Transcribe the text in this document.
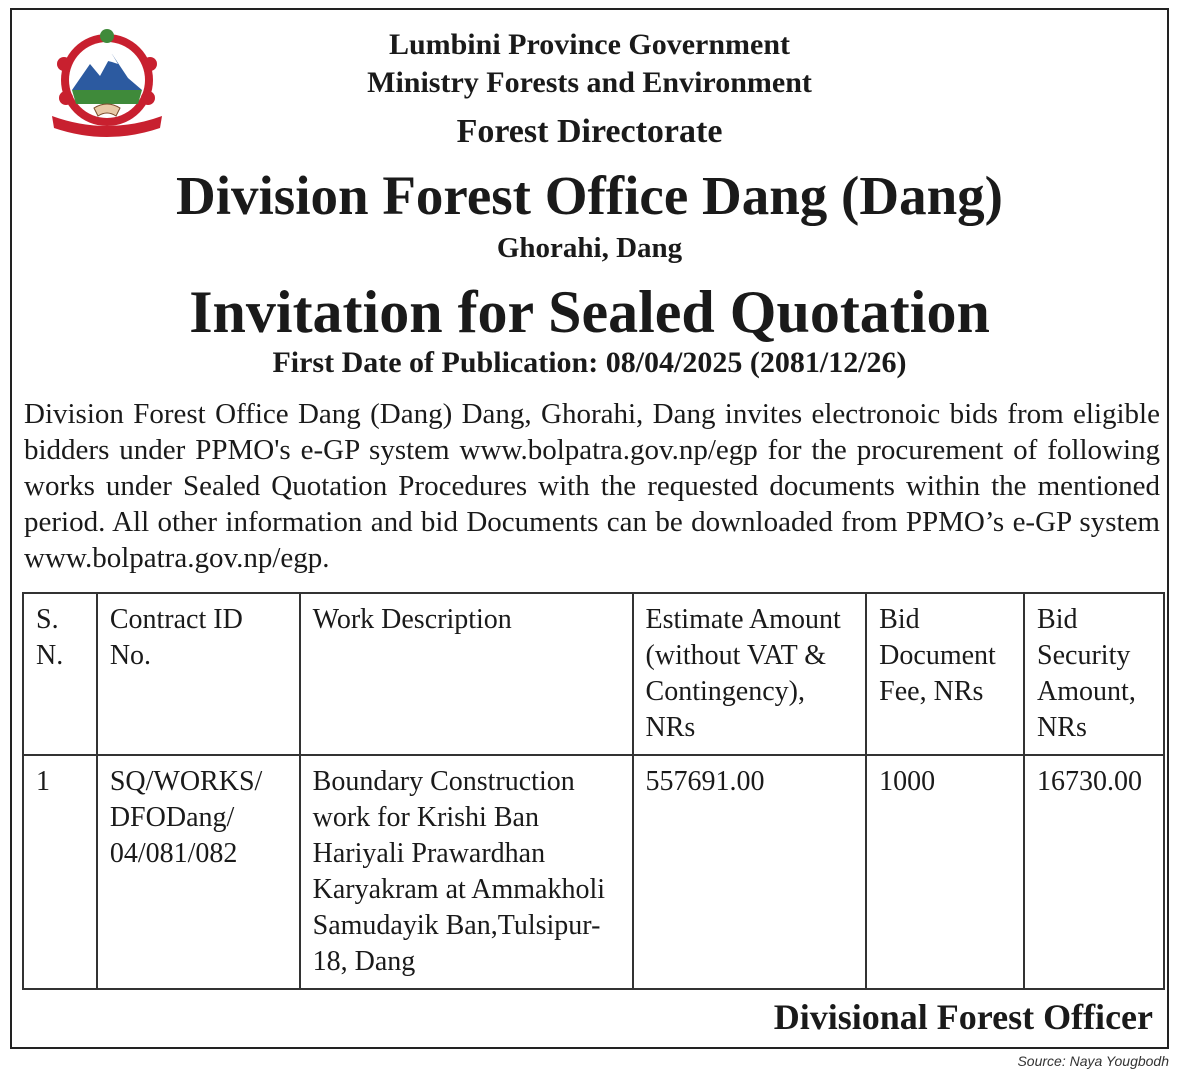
Lumbini Province Government
Ministry Forests and Environment
Forest Directorate
Division Forest Office Dang (Dang)
Ghorahi, Dang
Invitation for Sealed Quotation
First Date of Publication: 08/04/2025 (2081/12/26)

Division Forest Office Dang (Dang) Dang, Ghorahi, Dang invites electronoic bids from eligible bidders under PPMO's e-GP system www.bolpatra.gov.np/egp for the procurement of following works under Sealed Quotation Procedures with the requested documents within the mentioned period. All other information and bid Documents can be downloaded from PPMO’s e-GP system www.bolpatra.gov.np/egp.

S. N.	Contract ID No.	Work Description	Estimate Amount (without VAT & Contingency), NRs	Bid Document Fee, NRs	Bid Security Amount, NRs
1	SQ/WORKS/ DFODang/ 04/081/082	Boundary Construction work for Krishi Ban Hariyali Prawardhan Karyakram at Ammakholi Samudayik Ban,Tulsipur-18, Dang	557691.00	1000	16730.00
Divisional Forest Officer
Source: Naya Yougbodh
